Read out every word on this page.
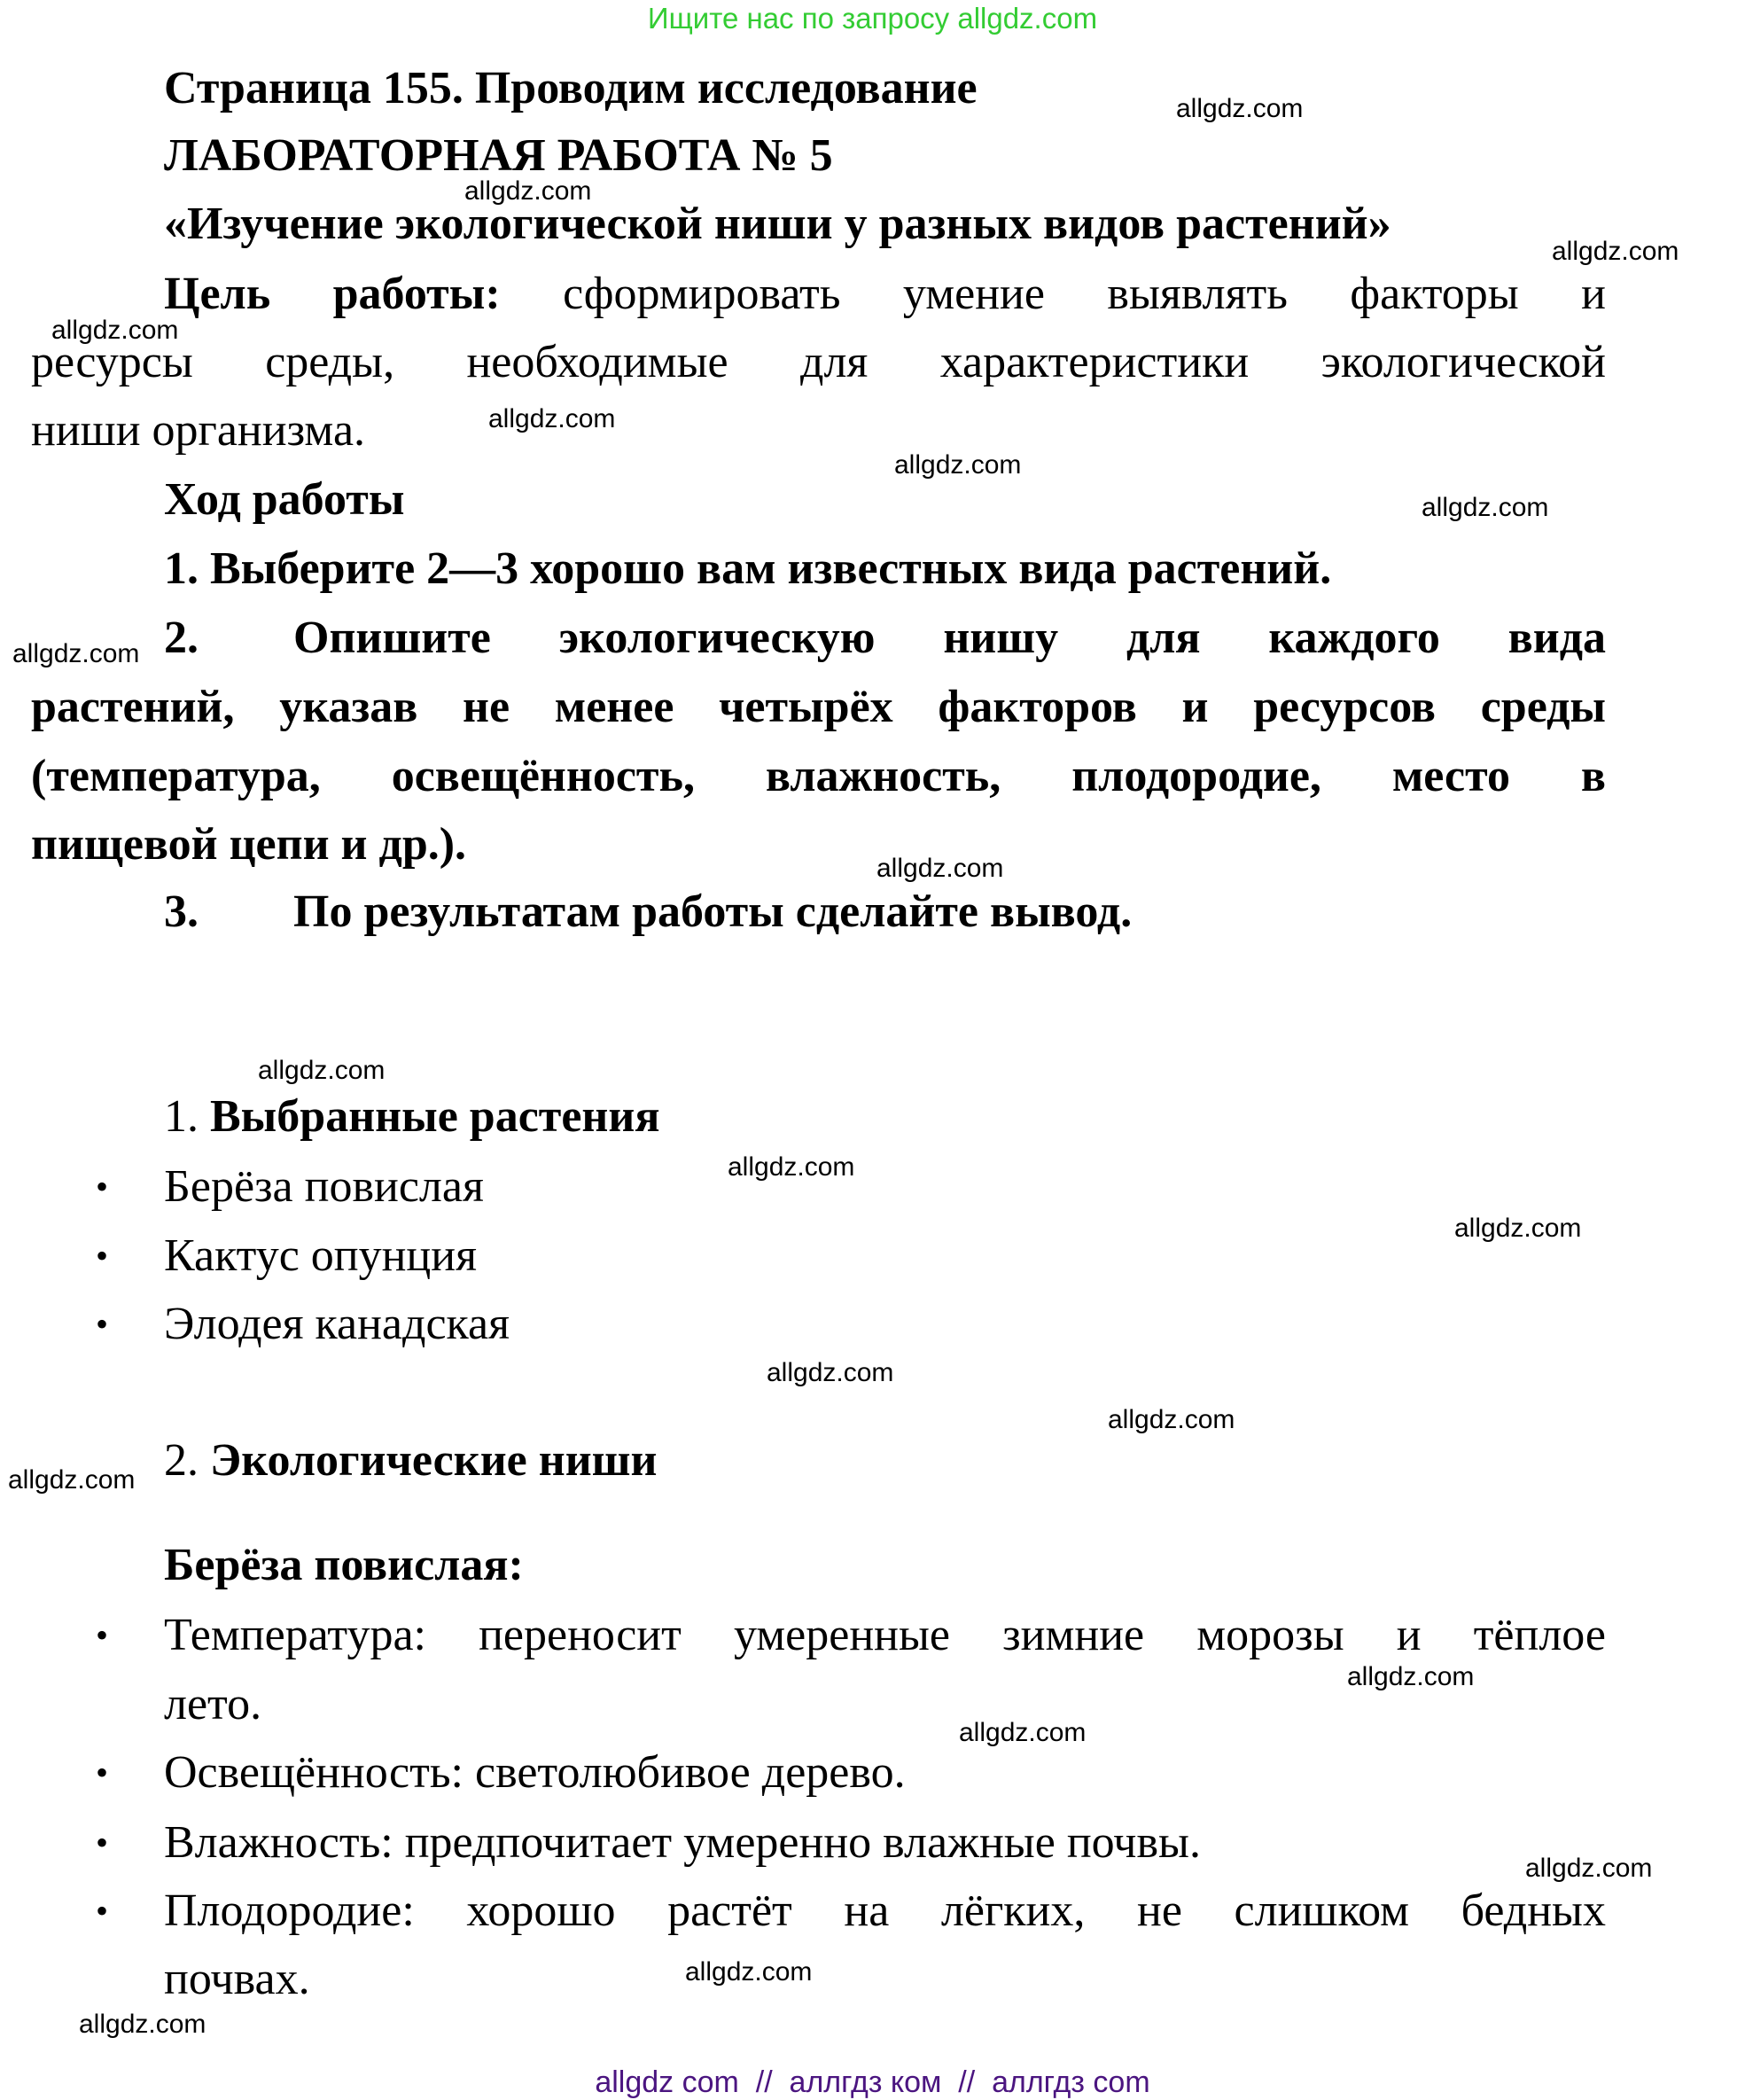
Ищите нас по запросу allgdz.com
Страница 155. Проводим исследование
ЛАБОРАТОРНАЯ РАБОТА № 5
«Изучение экологической ниши у разных видов растений»
Цель работы: сформировать умение выявлять факторы и
ресурсы среды, необходимые для характеристики экологической
ниши организма.
Ход работы
1. Выберите 2—3 хорошо вам известных вида растений.
2. Опишите экологическую нишу для каждого вида
растений, указав не менее четырёх факторов и ресурсов среды
(температура, освещённость, влажность, плодородие, место в
пищевой цепи и др.).
3. По результатам работы сделайте вывод.
1. Выбранные растения
• Берёза повислая
• Кактус опунция
• Элодея канадская
2. Экологические ниши
Берёза повислая:
• Температура: переносит умеренные зимние морозы и тёплое
лето.
• Освещённость: светолюбивое дерево.
• Влажность: предпочитает умеренно влажные почвы.
• Плодородие: хорошо растёт на лёгких, не слишком бедных
почвах.
allgdz.com
allgdz.com
allgdz.com
allgdz.com
allgdz.com
allgdz.com
allgdz.com
allgdz.com
allgdz.com
allgdz.com
allgdz.com
allgdz.com
allgdz.com
allgdz.com
allgdz.com
allgdz.com
allgdz.com
allgdz.com
allgdz.com
allgdz.com
allgdz com  //  аллгдз ком  //  аллгдз com
